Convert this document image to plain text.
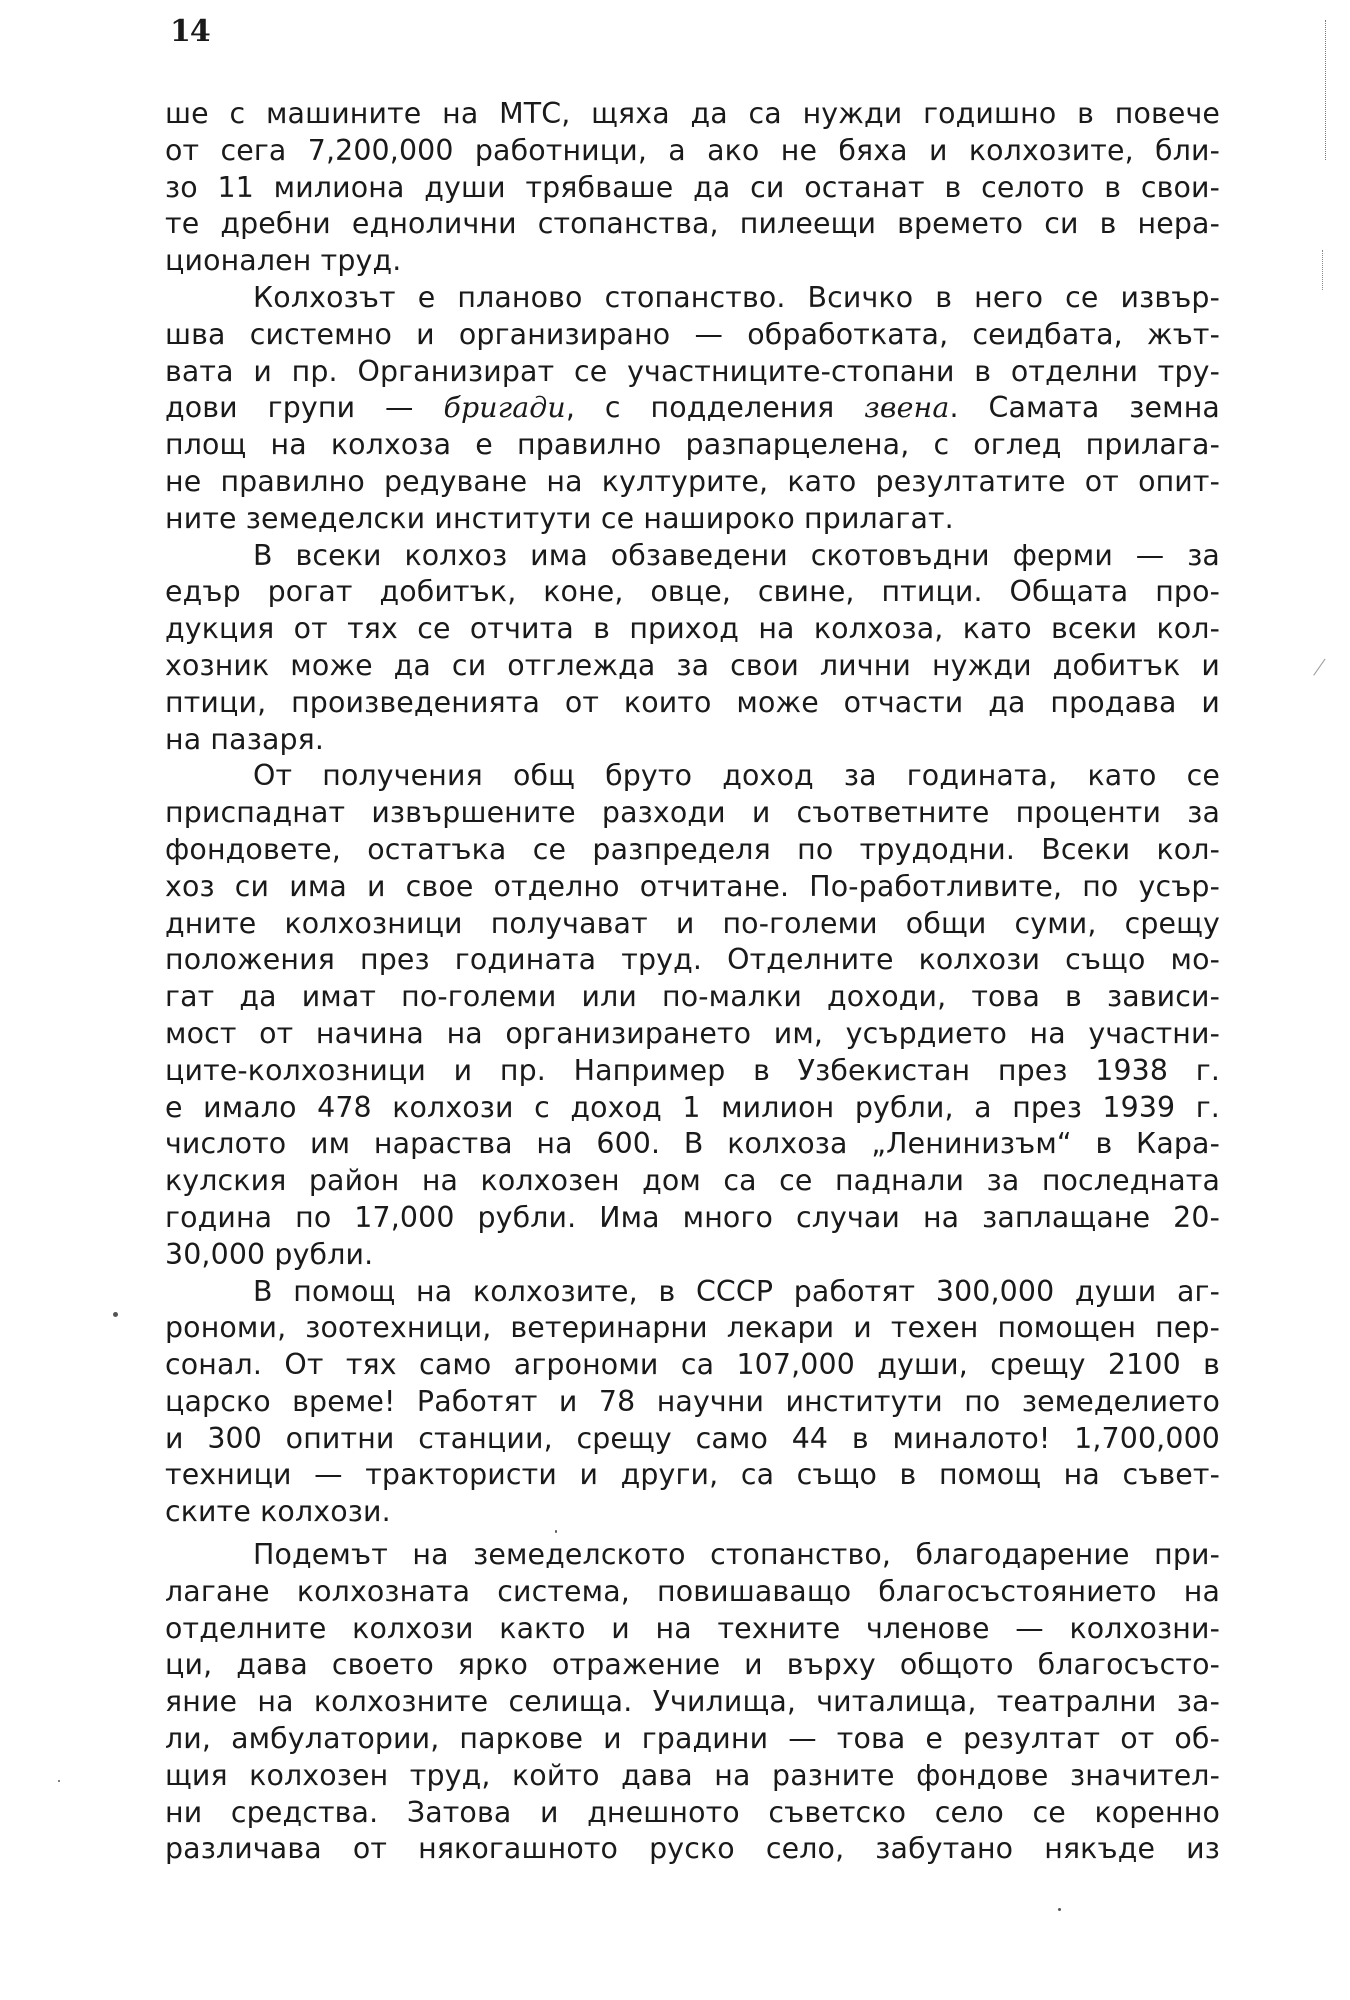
14

ше с машините на МТС, щяха да са нужди годишно в повече
от сега 7,200,000 работници, а ако не бяха и колхозите, бли-
зо 11 милиона души трябваше да си останат в селото в свои-
те дребни еднолични стопанства, пилеещи времето си в нера-
ционален труд.

Колхозът е планово стопанство. Всичко в него се извър-
шва системно и организирано — обработката, сеидбата, жът-
вата и пр. Организират се участниците-стопани в отделни тру-
дови групи — бригади, с подделения звена. Самата земна
площ на колхоза е правилно разпарцелена, с оглед прилага-
не правилно редуване на културите, като резултатите от опит-
ните земеделски институти се нашироко прилагат.

В всеки колхоз има обзаведени скотовъдни ферми — за
едър рогат добитък, коне, овце, свине, птици. Общата про-
дукция от тях се отчита в приход на колхоза, като всеки кол-
хозник може да си отглежда за свои лични нужди добитък и
птици, произведенията от които може отчасти да продава и
на пазаря.

От получения общ бруто доход за годината, като се
приспаднат извършените разходи и съответните проценти за
фондовете, остатъка се разпределя по трудодни. Всеки кол-
хоз си има и свое отделно отчитане. По-работливите, по усър-
дните колхозници получават и по-големи общи суми, срещу
положения през годината труд. Отделните колхози също мо-
гат да имат по-големи или по-малки доходи, това в зависи-
мост от начина на организирането им, усърдието на участни-
ците-колхозници и пр. Например в Узбекистан през 1938 г.
е имало 478 колхози с доход 1 милион рубли, а през 1939 г.
числото им нараства на 600. В колхоза „Ленинизъм“ в Кара-
кулския район на колхозен дом са се паднали за последната
година по 17,000 рубли. Има много случаи на заплащане 20-
30,000 рубли.

В помощ на колхозите, в СССР работят 300,000 души аг-
рономи, зоотехници, ветеринарни лекари и техен помощен пер-
сонал. От тях само агрономи са 107,000 души, срещу 2100 в
царско време! Работят и 78 научни институти по земеделието
и 300 опитни станции, срещу само 44 в миналото! 1,700,000
техници — трактористи и други, са също в помощ на съвет-
ските колхози.

Подемът на земеделското стопанство, благодарение при-
лагане колхозната система, повишаващо благосъстоянието на
отделните колхози както и на техните членове — колхозни-
ци, дава своето ярко отражение и върху общото благосъсто-
яние на колхозните селища. Училища, читалища, театрални за-
ли, амбулатории, паркове и градини — това е резултат от об-
щия колхозен труд, който дава на разните фондове значител-
ни средства. Затова и днешното съветско село се коренно
различава от някогашното руско село, забутано някъде из
